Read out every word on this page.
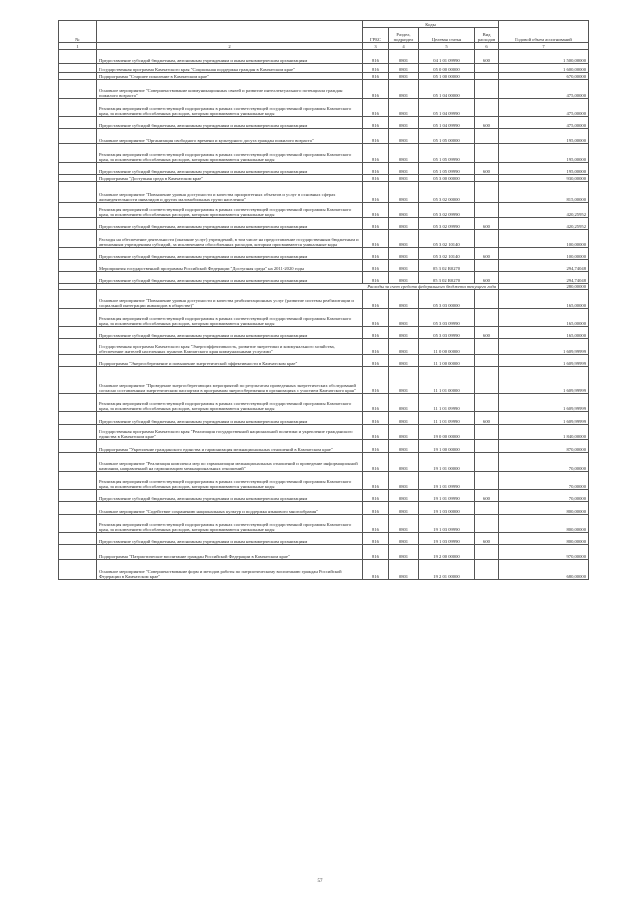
№		Коды				Годовой объем ассигнований
		ГРБС	Раздел, подраздел	Целевая статья	Вид расходов	
1	2	3	4	5	6	7
	Предоставление субсидий бюджетным, автономным учреждениям и иным некоммерческим организациям	816	0801	04 1 01 09990	600	1 500,00000
	Государственная программа Камчатского края "Социальная поддержка граждан в Камчатском крае"	816	0801	05 0 00 00000		1 600,00000
	Подпрограмма "Старшее поколение в Камчатском крае"	816	0801	05 1 00 00000		670,00000
	Основное мероприятие "Совершенствование коммуникационных связей и развитие интеллектуального потенциала граждан пожилого возраста"	816	0801	05 1 04 00000		475,00000
	Реализация мероприятий соответствующей подпрограммы в рамках соответствующей государственной программы Камчатского края, за исключением обособленных расходов, которым присваиваются уникальные коды	816	0801	05 1 04 09990		475,00000
	Предоставление субсидий бюджетным, автономным учреждениям и иным некоммерческим организациям	816	0801	05 1 04 09990	600	475,00000
	Основное мероприятие "Организация свободного времени и культурного досуга граждан пожилого возраста"	816	0801	05 1 05 00000		195,00000
	Реализация мероприятий соответствующей подпрограммы в рамках соответствующей государственной программы Камчатского края, за исключением обособленных расходов, которым присваиваются уникальные коды	816	0801	05 1 05 09990		195,00000
	Предоставление субсидий бюджетным, автономным учреждениям и иным некоммерческим организациям	816	0801	05 1 05 09990	600	195,00000
	Подпрограмма "Доступная среда в Камчатском крае"	816	0801	05 3 00 00000		930,00000
	Основное мероприятие "Повышение уровня доступности и качества приоритетных объектов и услуг в основных сферах жизнедеятельности инвалидов и других маломобильных групп населения"	816	0801	05 3 02 00000		815,00000
	Реализация мероприятий соответствующей подпрограммы в рамках соответствующей государственной программы Камчатского края, за исключением обособленных расходов, которым присваиваются уникальные коды	816	0801	05 3 02 09990		420,25952
	Предоставление субсидий бюджетным, автономным учреждениям и иным некоммерческим организациям	816	0801	05 3 02 09990	600	420,25952
	Расходы на обеспечение деятельности (оказание услуг) учреждений, в том числе на предоставление государственным бюджетным и автономным учреждениям субсидий, за исключением обособленных расходов, которым присваиваются уникальные коды	816	0801	05 3 02 10140		100,00000
	Предоставление субсидий бюджетным, автономным учреждениям и иным некоммерческим организациям	816	0801	05 3 02 10140	600	100,00000
	Мероприятия государственной программы Российской Федерации "Доступная среда" на 2011-2020 годы	816	0801	05 3 02 R0270		294,74048
	Предоставление субсидий бюджетным, автономным учреждениям и иным некоммерческим организациям	816	0801	05 3 02 R0270	600	294,74048
	Расходы за счет средств федерального бюджета текущего года					280,00000
	Основное мероприятие "Повышение уровня доступности и качества реабилитационных услуг (развитие системы реабилитации и социальной интеграции инвалидов в обществе)"	816	0801	05 3 03 00000		165,00000
	Реализация мероприятий соответствующей подпрограммы в рамках соответствующей государственной программы Камчатского края, за исключением обособленных расходов, которым присваиваются уникальные коды	816	0801	05 3 03 09990		165,00000
	Предоставление субсидий бюджетным, автономным учреждениям и иным некоммерческим организациям	816	0801	05 3 03 09990	600	165,00000
	Государственная программа Камчатского края "Энергоэффективность, развитие энергетики и коммунального хозяйства, обеспечение жителей населенных пунктов Камчатского края коммунальными услугами"	816	0801	11 0 00 00000		1 609,99999
	Подпрограмма "Энергосбережение и повышение энергетической эффективности в Камчатском крае"	816	0801	11 1 00 00000		1 609,99999
	Основное мероприятие "Проведение энергосберегающих мероприятий по результатам проведенных энергетических обследований согласно составленным энергетическим паспортам в программам энергосбережения в организациях с участием Камчатского края"	816	0801	11 1 01 00000		1 609,99999
	Реализация мероприятий соответствующей подпрограммы в рамках соответствующей государственной программы Камчатского края, за исключением обособленных расходов, которым присваиваются уникальные коды	816	0801	11 1 01 09990		1 609,99999
	Предоставление субсидий бюджетным, автономным учреждениям и иным некоммерческим организациям	816	0801	11 1 01 09990	600	1 609,99999
	Государственная программа Камчатского края "Реализация государственной национальной политики и укрепление гражданского единства в Камчатском крае"	816	0801	19 0 00 00000		1 840,00000
	Подпрограмма "Укрепление гражданского единства и гармонизация межнациональных отношений в Камчатском крае"	816	0801	19 1 00 00000		870,00000
	Основное мероприятие "Реализация комплекса мер по гармонизации межнациональных отношений и проведение информационной кампании, направленной на гармонизацию межнациональных отношений"	816	0801	19 1 01 00000		70,00000
	Реализация мероприятий соответствующей подпрограммы в рамках соответствующей государственной программы Камчатского края, за исключением обособленных расходов, которым присваиваются уникальные коды	816	0801	19 1 01 09990		70,00000
	Предоставление субсидий бюджетным, автономным учреждениям и иным некоммерческим организациям	816	0801	19 1 01 09990	600	70,00000
	Основное мероприятие "Содействие сохранению национальных культур и поддержка языкового многообразия"	816	0801	19 1 03 00000		800,00000
	Реализация мероприятий соответствующей подпрограммы в рамках соответствующей государственной программы Камчатского края, за исключением обособленных расходов, которым присваиваются уникальные коды	816	0801	19 1 03 09990		800,00000
	Предоставление субсидий бюджетным, автономным учреждениям и иным некоммерческим организациям	816	0801	19 1 03 09990	600	800,00000
	Подпрограмма "Патриотическое воспитание граждан Российской Федерации в Камчатском крае"	816	0801	19 2 00 00000		970,00000
	Основное мероприятие "Совершенствование форм и методов работы по патриотическому воспитанию граждан Российской Федерации в Камчатском крае"	816	0801	19 2 01 00000		680,00000
57
